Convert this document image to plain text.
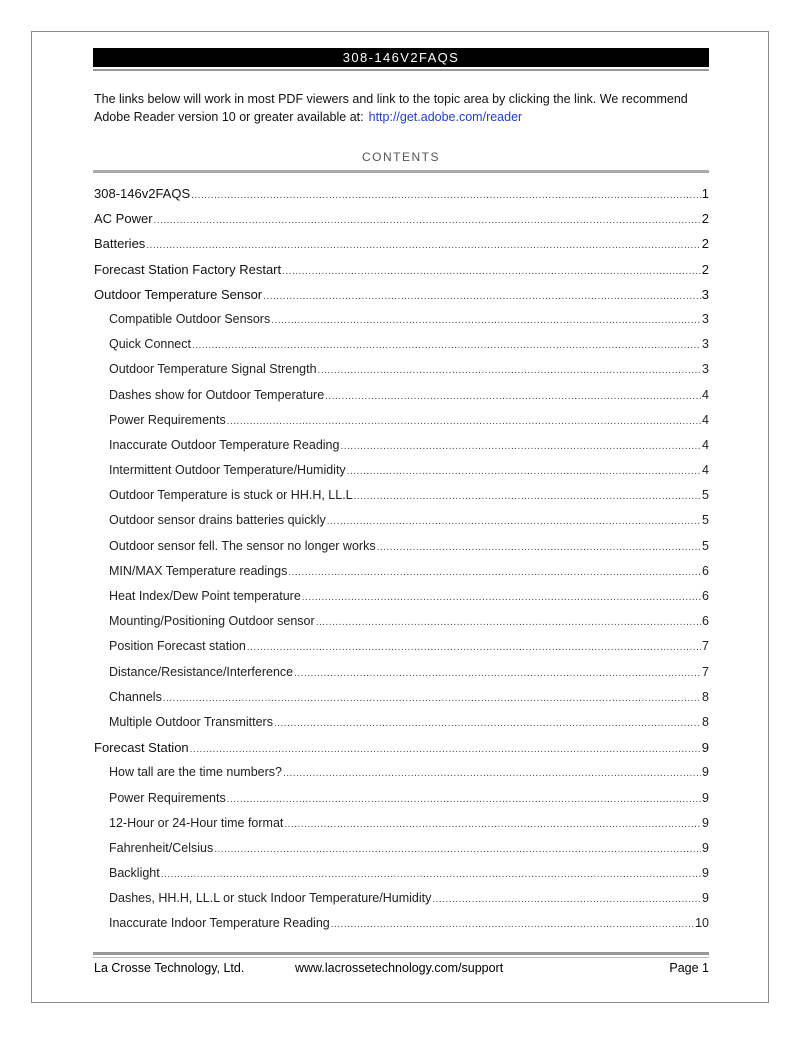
308-146V2FAQS
The links below will work in most PDF viewers and link to the topic area by clicking the link. We recommend Adobe Reader version 10 or greater available at: http://get.adobe.com/reader
CONTENTS
308-146v2FAQS .....	1
AC Power .....	2
Batteries .....	2
Forecast Station Factory Restart .....	2
Outdoor Temperature Sensor .....	3
Compatible Outdoor Sensors .....	3
Quick Connect .....	3
Outdoor Temperature Signal Strength .....	3
Dashes show for Outdoor Temperature .....	4
Power Requirements .....	4
Inaccurate Outdoor Temperature Reading .....	4
Intermittent Outdoor Temperature/Humidity .....	4
Outdoor Temperature is stuck or HH.H, LL.L .....	5
Outdoor sensor drains batteries quickly .....	5
Outdoor sensor fell. The sensor no longer works .....	5
MIN/MAX Temperature readings .....	6
Heat Index/Dew Point temperature .....	6
Mounting/Positioning Outdoor sensor .....	6
Position Forecast station .....	7
Distance/Resistance/Interference .....	7
Channels .....	8
Multiple Outdoor Transmitters .....	8
Forecast Station .....	9
How tall are the time numbers? .....	9
Power Requirements .....	9
12-Hour or 24-Hour time format .....	9
Fahrenheit/Celsius .....	9
Backlight .....	9
Dashes, HH.H, LL.L or stuck Indoor Temperature/Humidity .....	9
Inaccurate Indoor Temperature Reading .....	10
La Crosse Technology, Ltd.	www.lacrossetechnology.com/support	Page 1
